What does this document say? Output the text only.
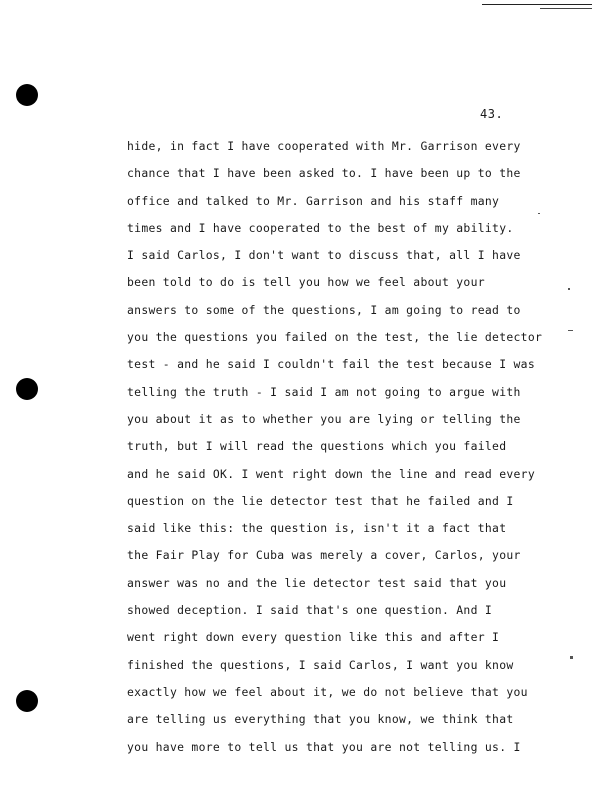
43.
hide, in fact I have cooperated with Mr. Garrison every
chance that I have been asked to. I have been up to the
office and talked to Mr. Garrison and his staff many
times and I have cooperated to the best of my ability.
I said Carlos, I don't want to discuss that, all I have
been told to do is tell you how we feel about your
answers to some of the questions, I am going to read to
you the questions you failed on the test, the lie detector
test - and he said I couldn't fail the test because I was
telling the truth - I said I am not going to argue with
you about it as to whether you are lying or telling the
truth, but I will read the questions which you failed
and he said OK. I went right down the line and read every
question on the lie detector test that he failed and I
said like this: the question is, isn't it a fact that
the Fair Play for Cuba was merely a cover, Carlos, your
answer was no and the lie detector test said that you
showed deception. I said that's one question. And I
went right down every question like this and after I
finished the questions, I said Carlos, I want you know
exactly how we feel about it, we do not believe that you
are telling us everything that you know, we think that
you have more to tell us that you are not telling us. I
